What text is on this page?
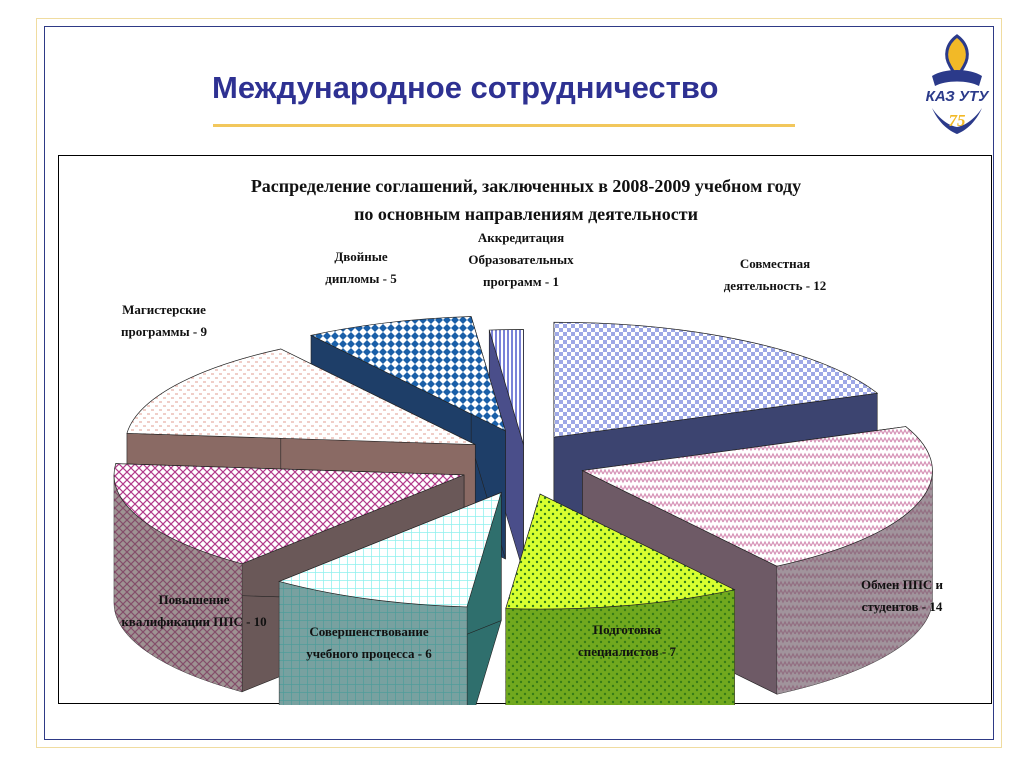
Международное сотрудничество	КАЗ УТУ
75
Распределение соглашений, заключенных в 2008-2009 учебном году
по основным направлениям деятельности
Совместная деятельность - 12
Обмен ППС и студентов - 14
Подготовка специалистов - 7
Совершенствование учебного процесса - 6
Повышение квалификации ППС - 10
Магистерские программы - 9
Двойные дипломы - 5
Аккредитация Образовательных программ - 1
